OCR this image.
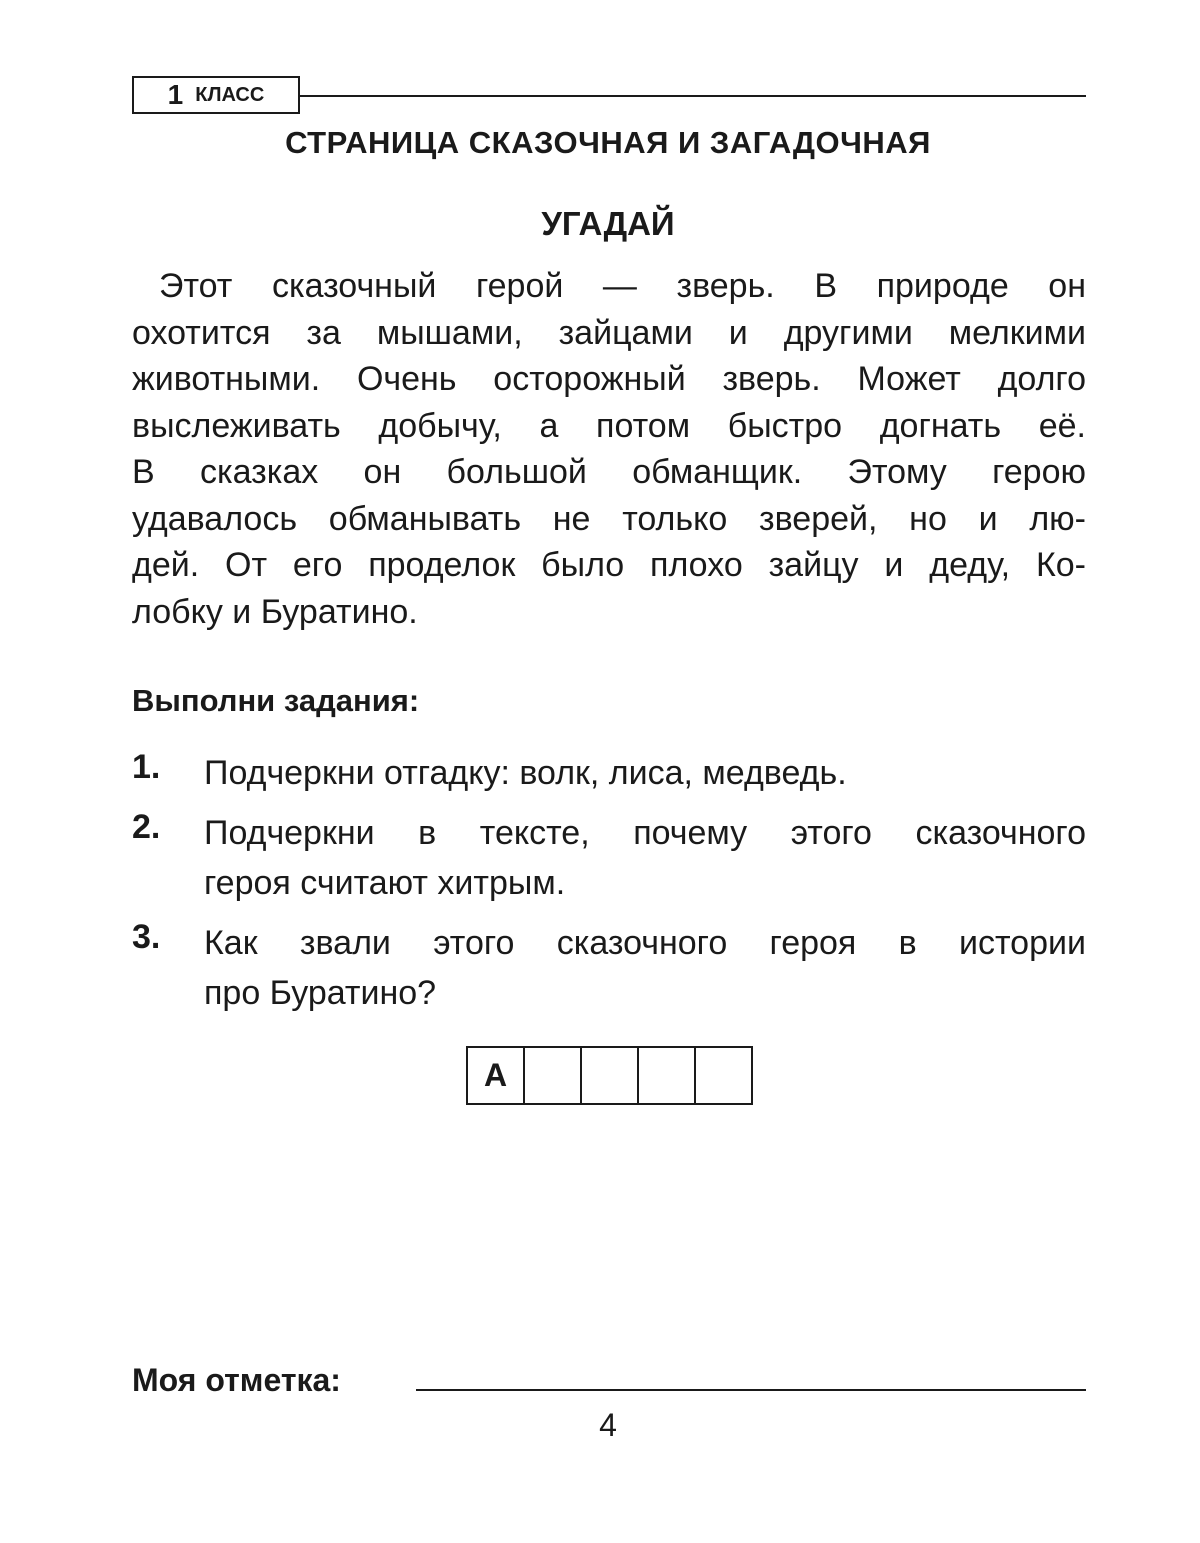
1 КЛАСС
СТРАНИЦА СКАЗОЧНАЯ И ЗАГАДОЧНАЯ
УГАДАЙ
Этот сказочный герой — зверь. В природе он
охотится за мышами, зайцами и другими мелкими
животными. Очень осторожный зверь. Может долго
выслеживать добычу, а потом быстро догнать её.
В сказках он большой обманщик. Этому герою
удавалось обманывать не только зверей, но и лю-
дей. От его проделок было плохо зайцу и деду, Ко-
лобку и Буратино.
Выполни задания:
1. Подчеркни отгадку: волк, лиса, медведь.
2. Подчеркни в тексте, почему этого сказочного
героя считают хитрым.
3. Как звали этого сказочного героя в истории
про Буратино?
А
Моя отметка:
4
